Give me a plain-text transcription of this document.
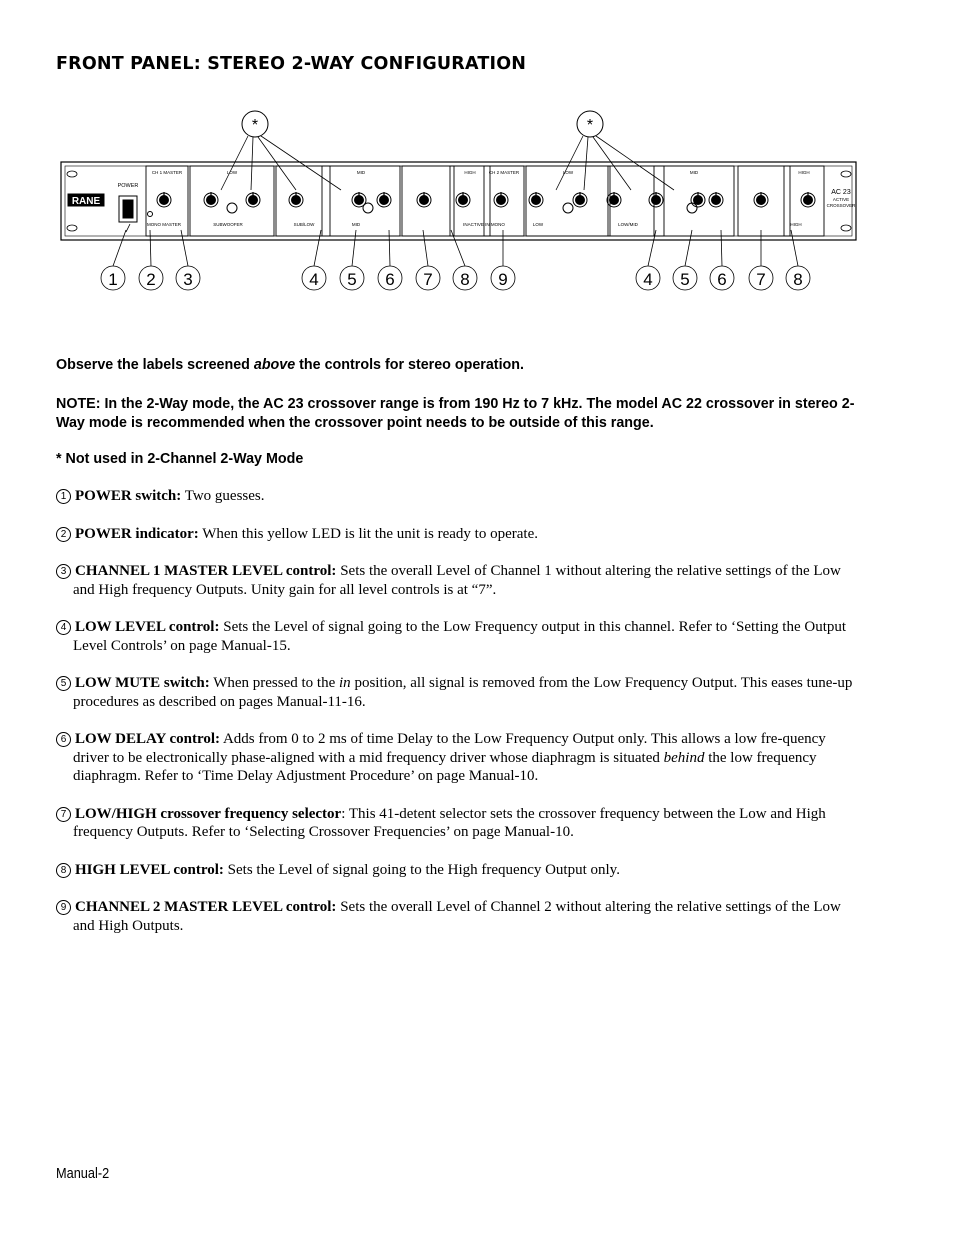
FRONT PANEL: STEREO 2-WAY CONFIGURATION
*	*
RANE
POWER
CH 1 MASTER	LOW	MID	HIGH	CH 2 MASTER	LOW	MID	HIGH
MONO MASTER	SUBWOOFER	SUB/LOW	MID	INACTIVE IN MONO	LOW	LOW/MID	HIGH
AC 23
ACTIVE
CROSSOVER
1 2 3	4 5 6 7 8 9	4 5 6 7 8
Observe the labels screened above the controls for stereo operation.
NOTE: In the 2-Way mode, the AC 23 crossover range is from 190 Hz to 7 kHz. The model AC 22 crossover in stereo 2-Way mode is recommended when the crossover point needs to be outside of this range.
* Not used in 2-Channel 2-Way Mode
1 POWER switch: Two guesses.
2 POWER indicator: When this yellow LED is lit the unit is ready to operate.
3 CHANNEL 1 MASTER LEVEL control: Sets the overall Level of Channel 1 without altering the relative settings of the Low and High frequency Outputs. Unity gain for all level controls is at “7”.
4 LOW LEVEL control: Sets the Level of signal going to the Low Frequency output in this channel. Refer to ‘Setting the Output Level Controls’ on page Manual-15.
5 LOW MUTE switch: When pressed to the in position, all signal is removed from the Low Frequency Output. This eases tune-up procedures as described on pages Manual-11-16.
6 LOW DELAY control: Adds from 0 to 2 ms of time Delay to the Low Frequency Output only. This allows a low fre-quency driver to be electronically phase-aligned with a mid frequency driver whose diaphragm is situated behind the low frequency diaphragm. Refer to ‘Time Delay Adjustment Procedure’ on page Manual-10.
7 LOW/HIGH crossover frequency selector: This 41-detent selector sets the crossover frequency between the Low and High frequency Outputs. Refer to ‘Selecting Crossover Frequencies’ on page Manual-10.
8 HIGH LEVEL control: Sets the Level of signal going to the High frequency Output only.
9 CHANNEL 2 MASTER LEVEL control: Sets the overall Level of Channel 2 without altering the relative settings of the Low and High Outputs.
Manual-2
